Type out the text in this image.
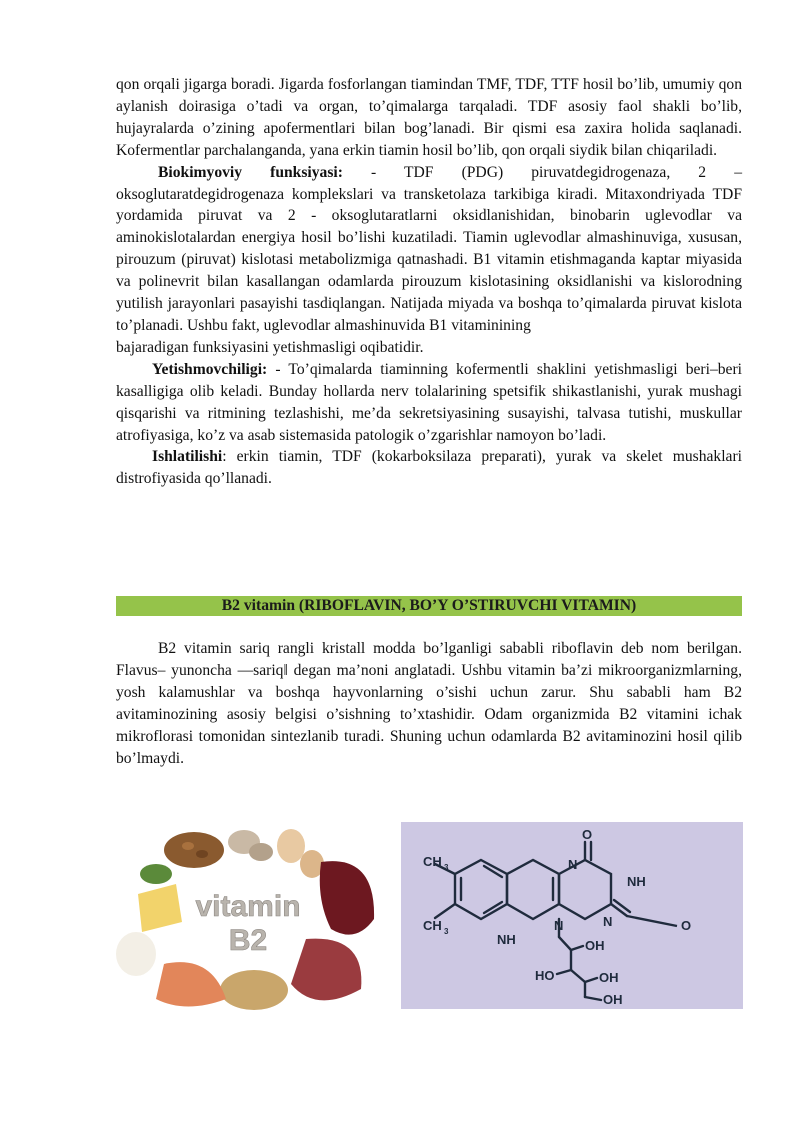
qon orqali jigarga boradi. Jigarda fosforlangan tiamindan TMF, TDF, TTF hosil bo’lib, umumiy qon aylanish doirasiga o’tadi va organ, to’qimalarga tarqaladi. TDF asosiy faol shakli bo’lib, hujayralarda o’zining apofermentlari bilan bog’lanadi. Bir qismi esa zaxira holida saqlanadi. Kofermentlar parchalanganda, yana erkin tiamin hosil bo’lib, qon orqali siydik bilan chiqariladi.

Biokimyoviy funksiyasi: - TDF (PDG) piruvatdegidrogenaza, 2 – oksoglutaratdegidrogenaza komplekslari va transketolaza tarkibiga kiradi. Mitaxondriyada TDF yordamida piruvat va 2 - oksoglutaratlarni oksidlanishidan, binobarin uglevodlar va aminokislotalardan energiya hosil bo’lishi kuzatiladi. Tiamin uglevodlar almashinuviga, xususan, pirouzum (piruvat) kislotasi metabolizmiga qatnashadi. B1 vitamin etishmaganda kaptar miyasida va polinevrit bilan kasallangan odamlarda pirouzum kislotasining oksidlanishi va kislorodning yutilish jarayonlari pasayishi tasdiqlangan. Natijada miyada va boshqa to’qimalarda piruvat kislota to’planadi. Ushbu fakt, uglevodlar almashinuvida B1 vitaminining

bajaradigan funksiyasini yetishmasligi oqibatidir.

Yetishmovchiligi: - To’qimalarda tiaminning kofermentli shaklini yetishmasligi beri–beri kasalligiga olib keladi. Bunday hollarda nerv tolalarining spetsifik shikastlanishi, yurak mushagi qisqarishi va ritmining tezlashishi, me’da sekretsiyasining susayishi, talvasa tutishi, muskullar atrofiyasiga, ko’z va asab sistemasida patologik o’zgarishlar namoyon bo’ladi.

Ishlatilishi: erkin tiamin, TDF (kokarboksilaza preparati), yurak va skelet mushaklari distrofiyasida qo’llanadi.

B2 vitamin (RIBOFLAVIN, BO’Y O’STIRUVCHI VITAMIN)

B2 vitamin sariq rangli kristall modda bo’lganligi sababli riboflavin deb nom berilgan. Flavus– yunoncha ―sariq‖ degan ma’noni anglatadi. Ushbu vitamin ba’zi mikroorganizmlarning, yosh kalamushlar va boshqa hayvonlarning o’sishi uchun zarur. Shu sababli ham B2 avitaminozining asosiy belgisi o’sishning to’xtashidir. Odam organizmida B2 vitamini ichak mikroflorasi tomonidan sintezlanib turadi. Shuning uchun odamlarda B2 avitaminozini hosil qilib bo’lmaydi.

vitamin
B2
CH 3
CH 3
NH
N
NH
N	N
O
O
OH
OH
OH
HO
